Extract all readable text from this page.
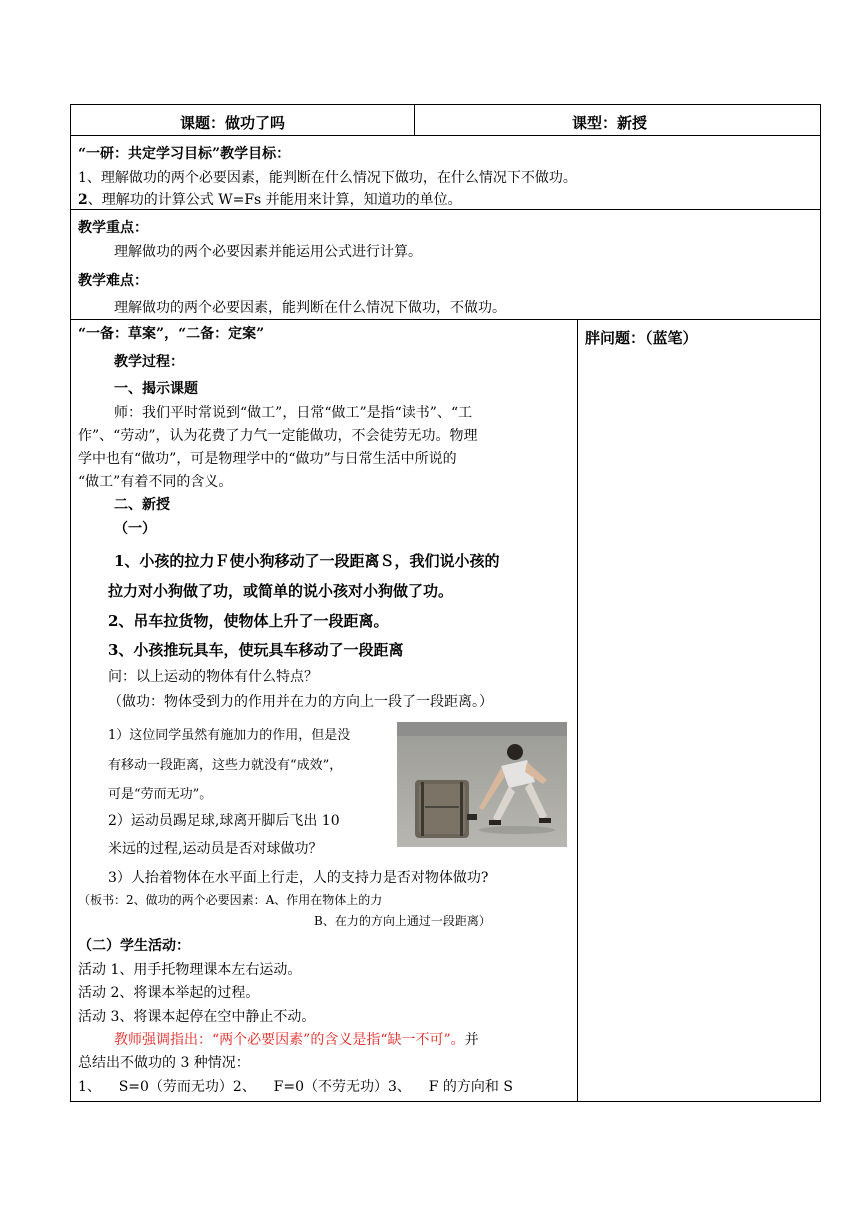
课题：做功了吗	课型：新授
“一研：共定学习目标”教学目标：
1、理解做功的两个必要因素，能判断在什么情况下做功，在什么情况下不做功。
2、理解功的计算公式 W=Fs 并能用来计算，知道功的单位。
教学重点：
理解做功的两个必要因素并能运用公式进行计算。
教学难点：
理解做功的两个必要因素，能判断在什么情况下做功，不做功。
“一备：草案”，“二备：定案”	胖问题：（蓝笔）
教学过程：
一、揭示课题
师：我们平时常说到“做工”，日常“做工”是指“读书”、“工
作”、“劳动”，认为花费了力气一定能做功，不会徒劳无功。物理
学中也有“做功”，可是物理学中的“做功”与日常生活中所说的
“做工”有着不同的含义。
二、新授
（一）
1、小孩的拉力Ｆ使小狗移动了一段距离Ｓ，我们说小孩的
拉力对小狗做了功，或简单的说小孩对小狗做了功。
2、吊车拉货物，使物体上升了一段距离。
3、小孩推玩具车，使玩具车移动了一段距离
问：以上运动的物体有什么特点？
（做功：物体受到力的作用并在力的方向上一段了一段距离。）
1）这位同学虽然有施加力的作用，但是没
有移动一段距离，这些力就没有“成效”，
可是“劳而无功”。
2）运动员踢足球,球离开脚后飞出 10
米远的过程,运动员是否对球做功？
3）人抬着物体在水平面上行走，人的支持力是否对物体做功?
（板书：2、做功的两个必要因素：A、作用在物体上的力
B、在力的方向上通过一段距离）
（二）学生活动：
活动 1、用手托物理课本左右运动。
活动 2、将课本举起的过程。
活动 3、将课本起停在空中静止不动。
教师强调指出：“两个必要因素”的含义是指“缺一不可”。并
总结出不做功的 3 种情况：
1、    S=0（劳而无功）2、    F=0（不劳无功）3、    F 的方向和 S
